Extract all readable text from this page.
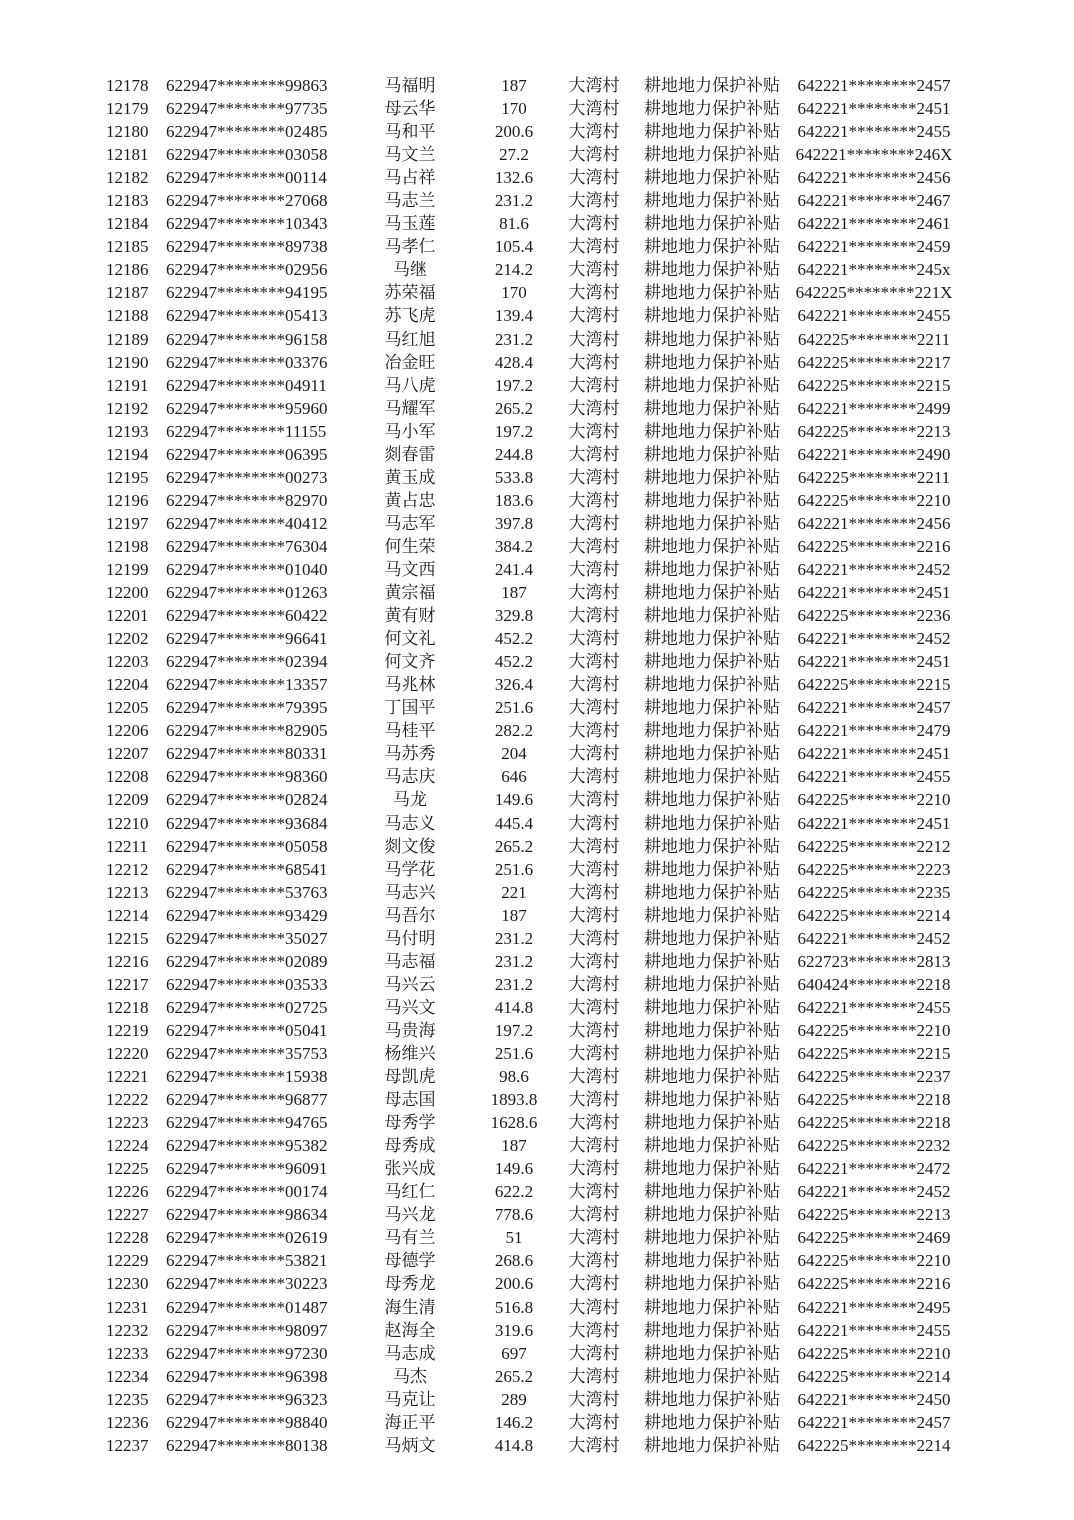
12178	622947********99863	马福明	187	大湾村	耕地地力保护补贴	642221********2457
12179	622947********97735	母云华	170	大湾村	耕地地力保护补贴	642221********2451
12180	622947********02485	马和平	200.6	大湾村	耕地地力保护补贴	642221********2455
12181	622947********03058	马文兰	27.2	大湾村	耕地地力保护补贴 642221********246X
12182	622947********00114	马占祥	132.6	大湾村	耕地地力保护补贴	642221********2456
12183	622947********27068	马志兰	231.2	大湾村	耕地地力保护补贴	642221********2467
12184	622947********10343	马玉莲	81.6	大湾村	耕地地力保护补贴	642221********2461
12185	622947********89738	马孝仁	105.4	大湾村	耕地地力保护补贴	642221********2459
12186	622947********02956	马继	214.2	大湾村	耕地地力保护补贴	642221********245x
12187	622947********94195	苏荣福	170	大湾村	耕地地力保护补贴 642225********221X
12188	622947********05413	苏飞虎	139.4	大湾村	耕地地力保护补贴	642221********2455
12189	622947********96158	马红旭	231.2	大湾村	耕地地力保护补贴	642225********2211
12190	622947********03376	冶金旺	428.4	大湾村	耕地地力保护补贴	642225********2217
12191	622947********04911	马八虎	197.2	大湾村	耕地地力保护补贴	642225********2215
12192	622947********95960	马耀军	265.2	大湾村	耕地地力保护补贴	642221********2499
12193	622947********11155	马小军	197.2	大湾村	耕地地力保护补贴	642225********2213
12194	622947********06395	剡春雷	244.8	大湾村	耕地地力保护补贴	642221********2490
12195	622947********00273	黄玉成	533.8	大湾村	耕地地力保护补贴	642225********2211
12196	622947********82970	黄占忠	183.6	大湾村	耕地地力保护补贴	642225********2210
12197	622947********40412	马志军	397.8	大湾村	耕地地力保护补贴	642221********2456
12198	622947********76304	何生荣	384.2	大湾村	耕地地力保护补贴	642225********2216
12199	622947********01040	马文西	241.4	大湾村	耕地地力保护补贴	642221********2452
12200	622947********01263	黄宗福	187	大湾村	耕地地力保护补贴	642221********2451
12201	622947********60422	黄有财	329.8	大湾村	耕地地力保护补贴	642225********2236
12202	622947********96641	何文礼	452.2	大湾村	耕地地力保护补贴	642221********2452
12203	622947********02394	何文齐	452.2	大湾村	耕地地力保护补贴	642221********2451
12204	622947********13357	马兆林	326.4	大湾村	耕地地力保护补贴	642225********2215
12205	622947********79395	丁国平	251.6	大湾村	耕地地力保护补贴	642221********2457
12206	622947********82905	马桂平	282.2	大湾村	耕地地力保护补贴	642221********2479
12207	622947********80331	马苏秀	204	大湾村	耕地地力保护补贴	642221********2451
12208	622947********98360	马志庆	646	大湾村	耕地地力保护补贴	642221********2455
12209	622947********02824	马龙	149.6	大湾村	耕地地力保护补贴	642225********2210
12210	622947********93684	马志义	445.4	大湾村	耕地地力保护补贴	642221********2451
12211	622947********05058	剡文俊	265.2	大湾村	耕地地力保护补贴	642225********2212
12212	622947********68541	马学花	251.6	大湾村	耕地地力保护补贴	642225********2223
12213	622947********53763	马志兴	221	大湾村	耕地地力保护补贴	642225********2235
12214	622947********93429	马吾尔	187	大湾村	耕地地力保护补贴	642225********2214
12215	622947********35027	马付明	231.2	大湾村	耕地地力保护补贴	642221********2452
12216	622947********02089	马志福	231.2	大湾村	耕地地力保护补贴	622723********2813
12217	622947********03533	马兴云	231.2	大湾村	耕地地力保护补贴	640424********2218
12218	622947********02725	马兴文	414.8	大湾村	耕地地力保护补贴	642221********2455
12219	622947********05041	马贵海	197.2	大湾村	耕地地力保护补贴	642225********2210
12220	622947********35753	杨维兴	251.6	大湾村	耕地地力保护补贴	642225********2215
12221	622947********15938	母凯虎	98.6	大湾村	耕地地力保护补贴	642225********2237
12222	622947********96877	母志国	1893.8	大湾村	耕地地力保护补贴	642225********2218
12223	622947********94765	母秀学	1628.6	大湾村	耕地地力保护补贴	642225********2218
12224	622947********95382	母秀成	187	大湾村	耕地地力保护补贴	642225********2232
12225	622947********96091	张兴成	149.6	大湾村	耕地地力保护补贴	642221********2472
12226	622947********00174	马红仁	622.2	大湾村	耕地地力保护补贴	642221********2452
12227	622947********98634	马兴龙	778.6	大湾村	耕地地力保护补贴	642225********2213
12228	622947********02619	马有兰	51	大湾村	耕地地力保护补贴	642225********2469
12229	622947********53821	母德学	268.6	大湾村	耕地地力保护补贴	642225********2210
12230	622947********30223	母秀龙	200.6	大湾村	耕地地力保护补贴	642225********2216
12231	622947********01487	海生清	516.8	大湾村	耕地地力保护补贴	642221********2495
12232	622947********98097	赵海全	319.6	大湾村	耕地地力保护补贴	642221********2455
12233	622947********97230	马志成	697	大湾村	耕地地力保护补贴	642225********2210
12234	622947********96398	马杰	265.2	大湾村	耕地地力保护补贴	642225********2214
12235	622947********96323	马克让	289	大湾村	耕地地力保护补贴	642221********2450
12236	622947********98840	海正平	146.2	大湾村	耕地地力保护补贴	642221********2457
12237	622947********80138	马炳文	414.8	大湾村	耕地地力保护补贴	642225********2214
